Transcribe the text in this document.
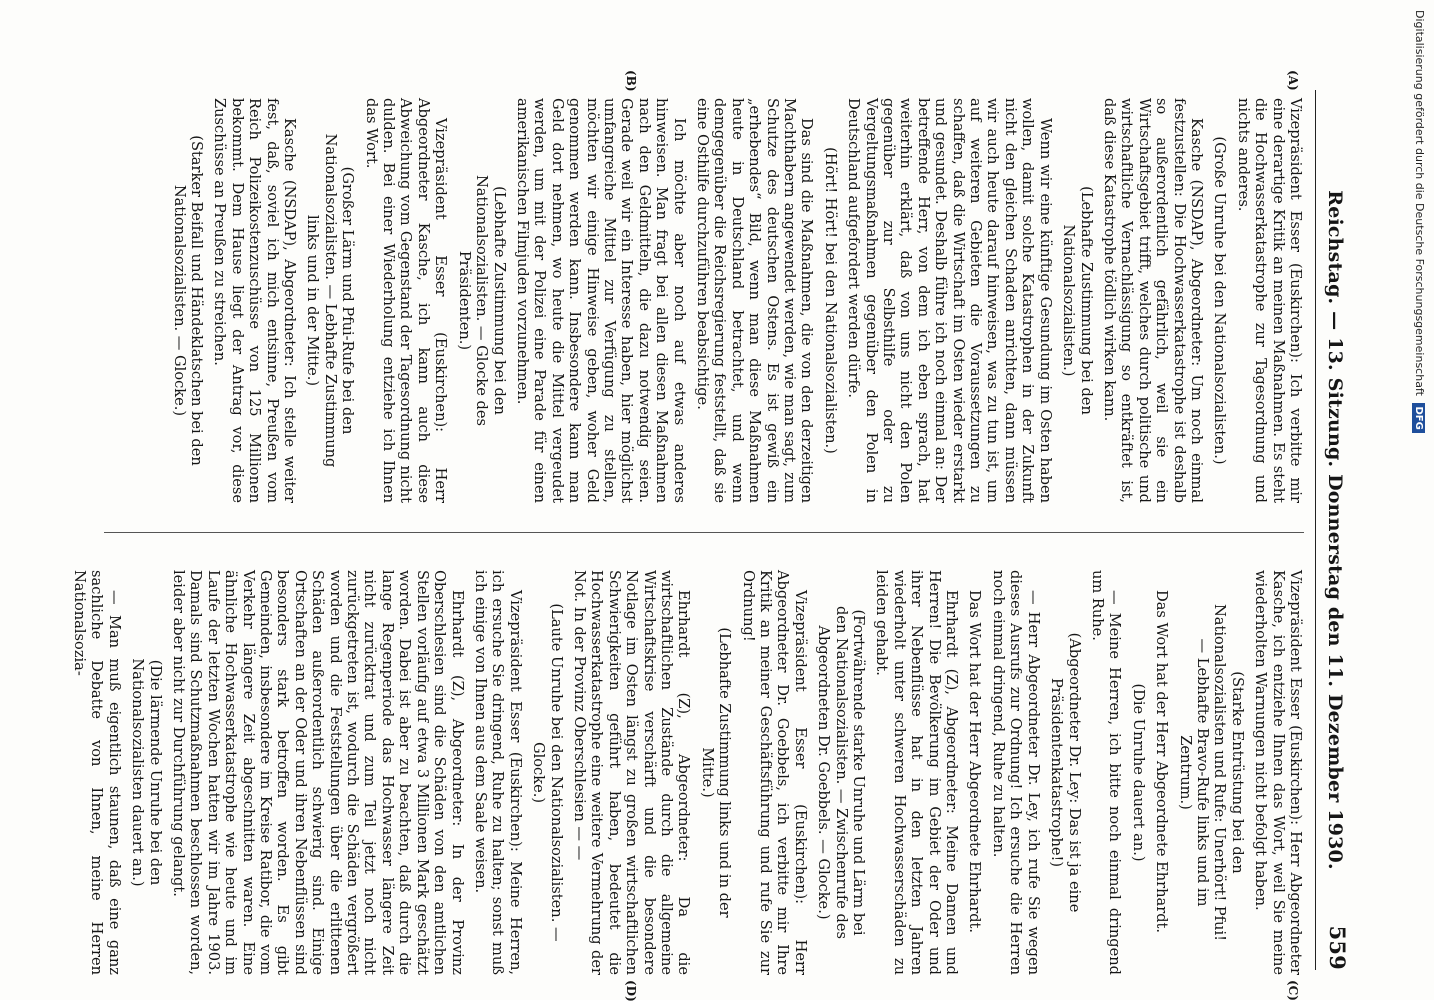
Reichstag. — 13. Sitzung. Donnerstag den 11. Dezember 1930.
559
(A)
(B)
(C)
(D)

Vizepräsident Esser (Euskirchen): Ich verbitte mir eine derartige Kritik an meinen Maßnahmen. Es steht die Hochwasserkatastrophe zur Tagesordnung und nichts anderes.

(Große Unruhe bei den Nationalsozialisten.)

Kasche (NSDAP), Abgeordneter: Um noch einmal festzustellen: Die Hochwasserkatastrophe ist deshalb so außerordentlich gefährlich, weil sie ein Wirtschaftsgebiet trifft, welches durch politische und wirtschaftliche Vernachlässigung so entkräftet ist, daß diese Katastrophe tödlich wirken kann.

(Lebhafte Zustimmung bei den Nationalsozialisten.)

Wenn wir eine künftige Gesundung im Osten haben wollen, damit solche Katastrophen in der Zukunft nicht den gleichen Schaden anrichten, dann müssen wir auch heute darauf hinweisen, was zu tun ist, um auf weiteren Gebieten die Voraussetzungen zu schaffen, daß die Wirtschaft im Osten wieder erstarkt und gesundet. Deshalb führe ich noch einmal an: Der betreffende Herr, von dem ich eben sprach, hat weiterhin erklärt, daß von uns nicht den Polen gegenüber zur Selbsthilfe oder zu Vergeltungsmaßnahmen gegenüber den Polen in Deutschland aufgefordert werden dürfe.

(Hört! Hört! bei den Nationalsozialisten.)

Das sind die Maßnahmen, die von den derzeitigen Machthabern angewendet werden, wie man sagt, zum Schutze des deutschen Ostens. Es ist gewiß ein „erhebendes“ Bild, wenn man diese Maßnahmen heute in Deutschland betrachtet, und wenn demgegenüber die Reichsregierung feststellt, daß sie eine Osthilfe durchzuführen beabsichtige.

Ich möchte aber noch auf etwas anderes hinweisen. Man fragt bei allen diesen Maßnahmen nach den Geldmitteln, die dazu notwendig seien. Gerade weil wir ein Interesse haben, hier möglichst umfangreiche Mittel zur Verfügung zu stellen, möchten wir einige Hinweise geben, woher Geld genommen werden kann. Insbesondere kann man Geld dort nehmen, wo heute die Mittel vergeudet werden, um mit der Polizei eine Parade für einen amerikanischen Filmjuden vorzunehmen.

(Lebhafte Zustimmung bei den Nationalsozialisten. — Glocke des Präsidenten.)

Vizepräsident Esser (Euskirchen): Herr Abgeordneter Kasche, ich kann auch diese Abweichung vom Gegenstand der Tagesordnung nicht dulden. Bei einer Wiederholung entziehe ich Ihnen das Wort.

(Großer Lärm und Pfui-Rufe bei den Nationalsozialisten. — Lebhafte Zustimmung links und in der Mitte.)

Kasche (NSDAP), Abgeordneter: Ich stelle weiter fest, daß, soviel ich mich entsinne, Preußen vom Reich Polizeikostenzuschüsse von 125 Millionen bekommt. Dem Hause liegt der Antrag vor, diese Zuschüsse an Preußen zu streichen.

(Starker Beifall und Händeklatschen bei den Nationalsozialisten. — Glocke.)

Vizepräsident Esser (Euskirchen): Herr Abgeordneter Kasche, ich entziehe Ihnen das Wort, weil Sie meine wiederholten Warnungen nicht befolgt haben.

(Starke Entrüstung bei den Nationalsozialisten und Rufe: Unerhört! Pfui! — Lebhafte Bravo-Rufe links und im Zentrum.)

Das Wort hat der Herr Abgeordnete Ehrhardt.

(Die Unruhe dauert an.)

— Meine Herren, ich bitte noch einmal dringend um Ruhe.

(Abgeordneter Dr. Ley: Das ist ja eine Präsidentenkatastrophe!)

— Herr Abgeordneter Dr. Ley, ich rufe Sie wegen dieses Ausrufs zur Ordnung! Ich ersuche die Herren noch einmal dringend, Ruhe zu halten.

Das Wort hat der Herr Abgeordnete Ehrhardt.

Ehrhardt (Z), Abgeordneter: Meine Damen und Herren! Die Bevölkerung im Gebiet der Oder und ihrer Nebenflüsse hat in den letzten Jahren wiederholt unter schweren Hochwasserschäden zu leiden gehabt.

(Fortwährende starke Unruhe und Lärm bei den Nationalsozialisten. — Zwischenrufe des Abgeordneten Dr. Goebbels. — Glocke.)

Vizepräsident Esser (Euskirchen): Herr Abgeordneter Dr. Goebbels, ich verbitte mir Ihre Kritik an meiner Geschäftsführung und rufe Sie zur Ordnung!

(Lebhafte Zustimmung links und in der Mitte.)

Ehrhardt (Z), Abgeordneter: Da die wirtschaftlichen Zustände durch die allgemeine Wirtschaftskrise verschärft und die besondere Notlage im Osten längst zu großen wirtschaftlichen Schwierigkeiten geführt haben, bedeutet die Hochwasserkatastrophe eine weitere Vermehrung der Not. In der Provinz Oberschlesien — —

(Laute Unruhe bei den Nationalsozialisten. — Glocke.)

Vizepräsident Esser (Euskirchen): Meine Herren, ich ersuche Sie dringend, Ruhe zu halten; sonst muß ich einige von Ihnen aus dem Saale weisen.

Ehrhardt (Z), Abgeordneter: In der Provinz Oberschlesien sind die Schäden von den amtlichen Stellen vorläufig auf etwa 3 Millionen Mark geschätzt worden. Dabei ist aber zu beachten, daß durch die lange Regenperiode das Hochwasser längere Zeit nicht zurücktrat und zum Teil jetzt noch nicht zurückgetreten ist, wodurch die Schäden vergrößert worden und die Feststellungen über die erlittenen Schäden außerordentlich schwierig sind. Einige Ortschaften an der Oder und ihren Nebenflüssen sind besonders stark betroffen worden. Es gibt Gemeinden, insbesondere im Kreise Ratibor, die vom Verkehr längere Zeit abgeschnitten waren. Eine ähnliche Hochwasserkatastrophe wie heute und im Laufe der letzten Wochen hatten wir im Jahre 1903. Damals sind Schutzmaßnahmen beschlossen worden, leider aber nicht zur Durchführung gelangt.

(Die lärmende Unruhe bei den Nationalsozialisten dauert an.)

— Man muß eigentlich staunen, daß eine ganz sachliche Debatte von Ihnen, meine Herren Nationalsozia-

Digitalisierung gefördert durch die Deutsche Forschungsgemeinschaft DFG
